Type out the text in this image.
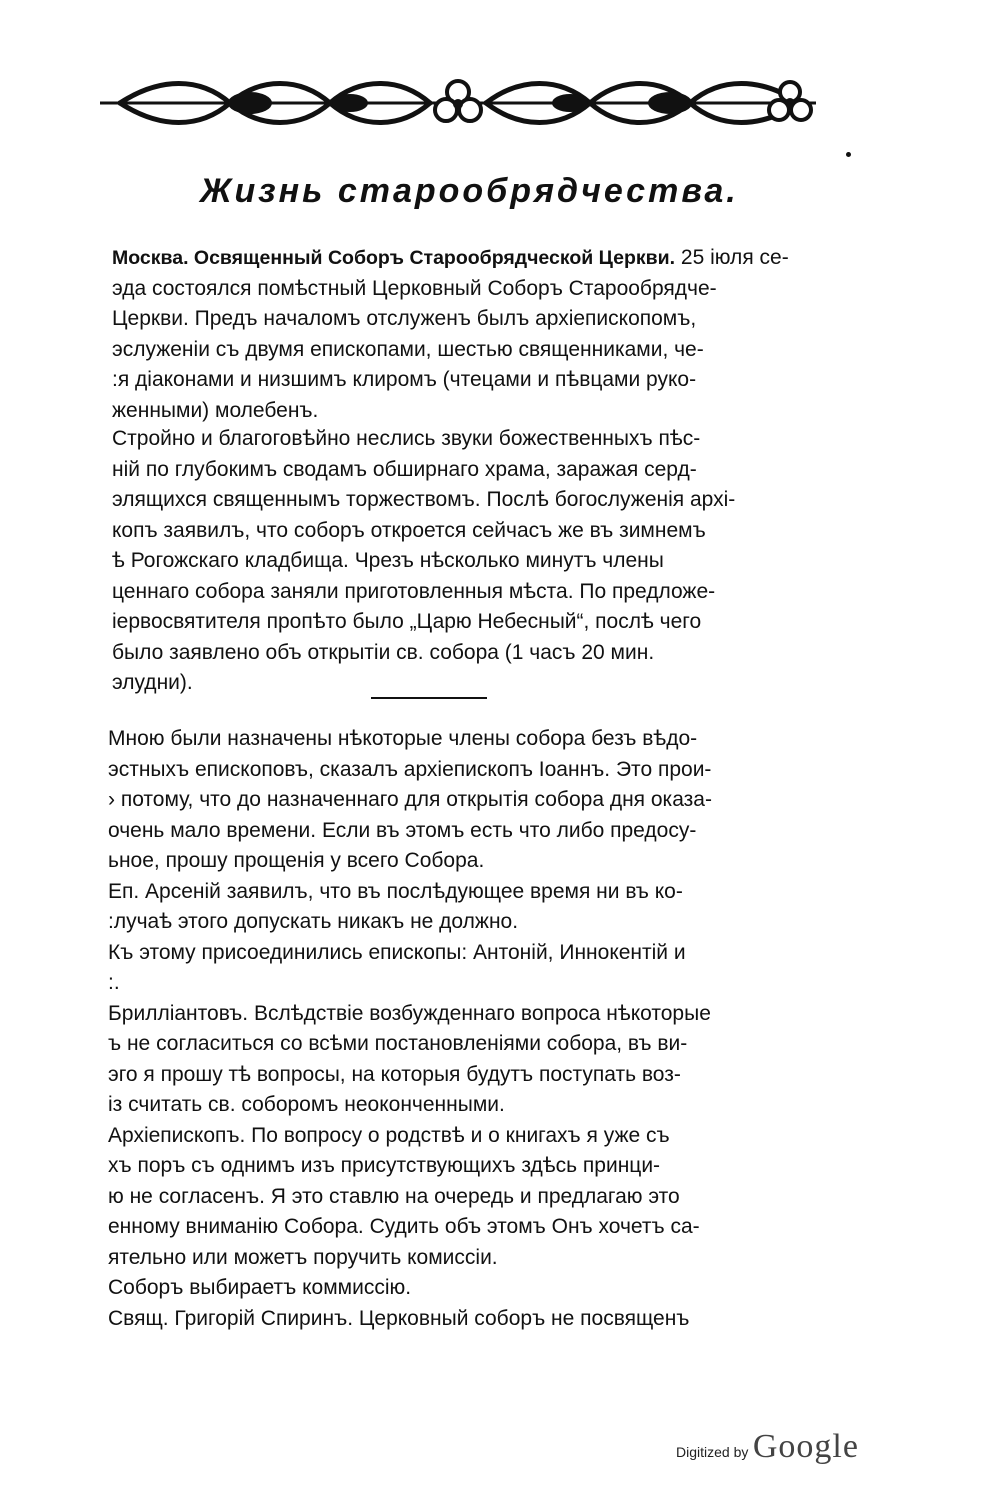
Жизнь старообрядчества.
Москва. Освященный Соборъ Старообрядческой Церкви. 25 іюля се-
эда состоялся помѣстный Церковный Соборъ Старообрядче-
Церкви. Предъ началомъ отслуженъ былъ архіепископомъ,
эслуженіи съ двумя епископами, шестью священниками, че-
:я діаконами и низшимъ клиромъ (чтецами и пѣвцами руко-
женными) молебенъ.
Стройно и благоговѣйно неслись звуки божественныхъ пѣс-
ній по глубокимъ сводамъ обширнаго храма, заражая серд-
элящихся священнымъ торжествомъ. Послѣ богослуженія архі-
копъ заявилъ, что соборъ откроется сейчасъ же въ зимнемъ
ѣ Рогожскаго кладбища. Чрезъ нѣсколько минутъ члены
ценнаго собора заняли приготовленныя мѣста. По предложе-
іервосвятителя пропѣто было „Царю Небесный“, послѣ чего
было заявлено объ открытіи св. собора (1 часъ 20 мин.
элудни).
Мною были назначены нѣкоторые члены собора безъ вѣдо-
эстныхъ епископовъ, сказалъ архіепископъ Іоаннъ. Это прои-
› потому, что до назначеннаго для открытія собора дня оказа-
очень мало времени. Если въ этомъ есть что либо предосу-
ьное, прошу прощенія у всего Собора.
Еп. Арсеній заявилъ, что въ послѣдующее время ни въ ко-
:лучаѣ этого допускать никакъ не должно.
Къ этому присоединились епископы: Антоній, Иннокентій и
:.
Бриллiантовъ. Вслѣдствіе возбужденнаго вопроса нѣкоторые
ъ не согласиться со всѣми постановленіями собора, въ ви-
эго я прошу тѣ вопросы, на которыя будутъ поступать воз-
із считать св. соборомъ неоконченными.
Архіепископъ. По вопросу о родствѣ и о книгахъ я уже съ
хъ поръ съ однимъ изъ присутствующихъ здѣсь принци-
ю не согласенъ. Я это ставлю на очередь и предлагаю это
енному вниманію Собора. Судить объ этомъ Онъ хочетъ са-
ятельно или можетъ поручить комиссіи.
Соборъ выбираетъ коммиссію.
Свящ. Григорій Спиринъ. Церковный соборъ не посвященъ
Digitized by Google
